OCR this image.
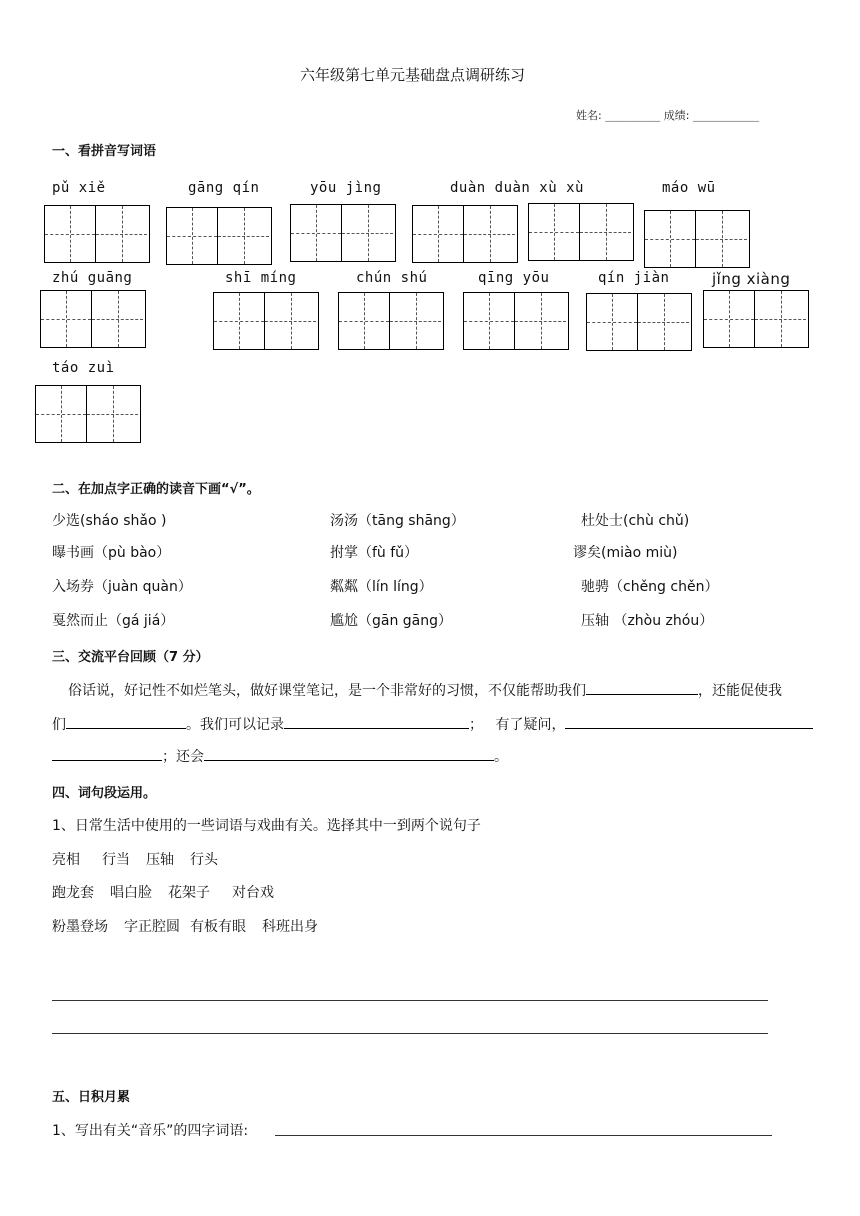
六年级第七单元基础盘点调研练习
姓名: __________ 成绩: ____________
一、看拼音写词语
pǔ xiě	gāng qín	yōu jìng	duàn duàn xù xù	máo wū
zhú guāng	shī míng	chún shú	qīng yōu	qín jiàn	jǐng xiàng
táo zuì
二、在加点字正确的读音下画“√”。
少选(sháo shǎo )	汤汤（tāng shāng）	杜处士(chù chǔ)
曝书画（pù bào）	拊掌（fù fǔ）	谬矣(miào miù)
入场券（juàn quàn）	粼粼（lín líng）	驰骋（chěng chěn）
戛然而止（gá jiá）	尴尬（gān gāng）	压轴 （zhòu zhóu）
三、交流平台回顾（7 分）
俗话说，好记性不如烂笔头，做好课堂笔记，是一个非常好的习惯，不仅能帮助我们	，还能促使我
们	。我们可以记录	； 有了疑问，
；还会	。
四、词句段运用。
1、日常生活中使用的一些词语与戏曲有关。选择其中一到两个说句子
亮相 行当 压轴 行头
跑龙套 唱白脸 花架子 对台戏
粉墨登场 字正腔圆 有板有眼 科班出身
五、日积月累
1、写出有关“音乐”的四字词语:
